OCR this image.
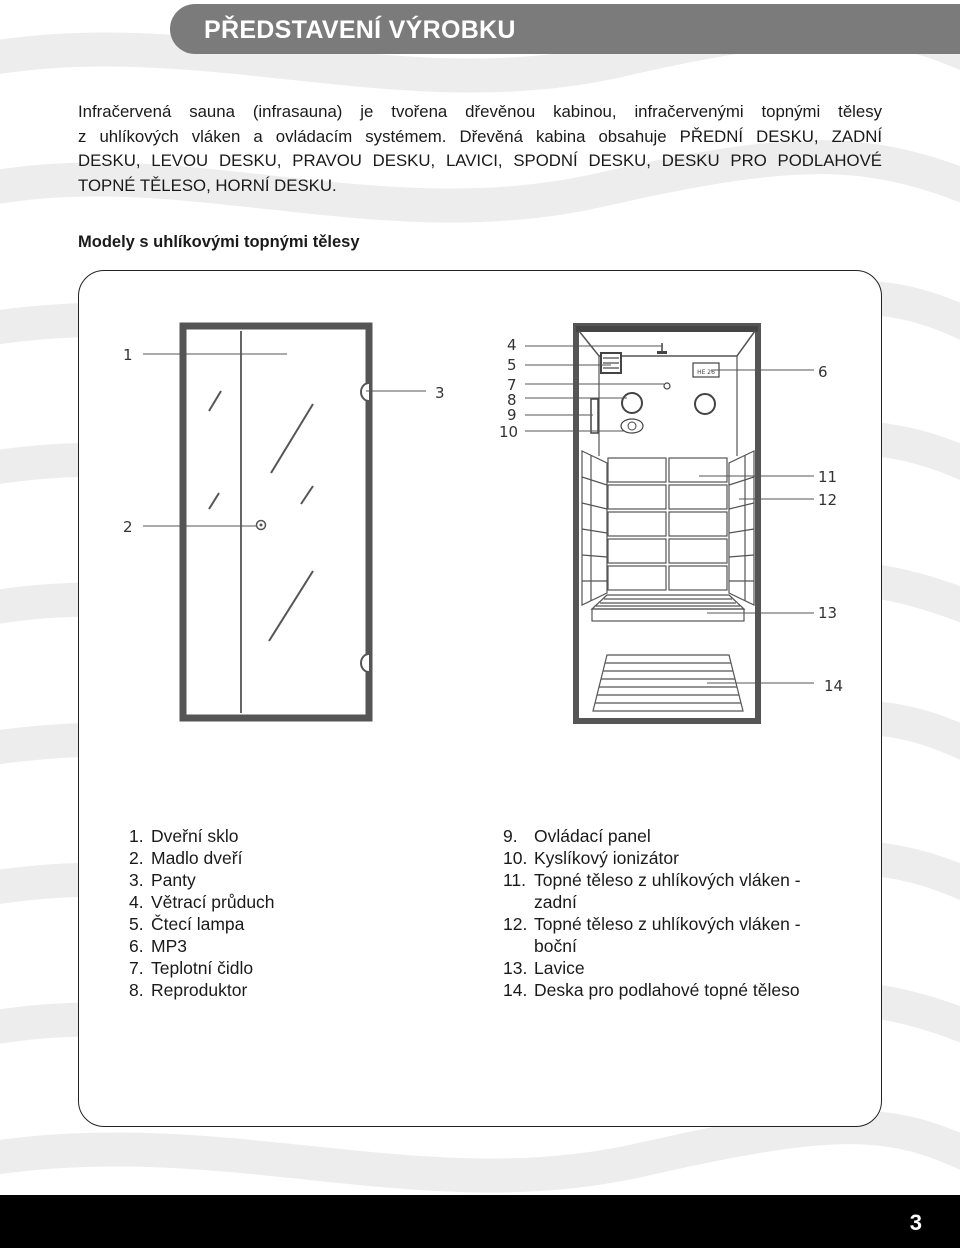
PŘEDSTAVENÍ VÝROBKU
Infračervená sauna (infrasauna) je tvořena dřevěnou kabinou, infračervenými topnými tělesy
z uhlíkových vláken a ovládacím systémem. Dřevěná kabina obsahuje PŘEDNÍ DESKU, ZADNÍ
DESKU, LEVOU DESKU, PRAVOU DESKU, LAVICI, SPODNÍ DESKU, DESKU PRO PODLAHOVÉ
TOPNÉ TĚLESO, HORNÍ DESKU.
Modely s uhlíkovými topnými tělesy
HE 26
1
2
3
4
5	6
7
8
9
10
11
12
13
14
1. Dveřní sklo
2. Madlo dveří
3. Panty
4. Větrací průduch
5. Čtecí lampa
6. MP3
7. Teplotní čidlo
8. Reproduktor
9. Ovládací panel
10. Kyslíkový ionizátor
11. Topné těleso z uhlíkových vláken -
zadní
12. Topné těleso z uhlíkových vláken -
boční
13. Lavice
14. Deska pro podlahové topné těleso
3
